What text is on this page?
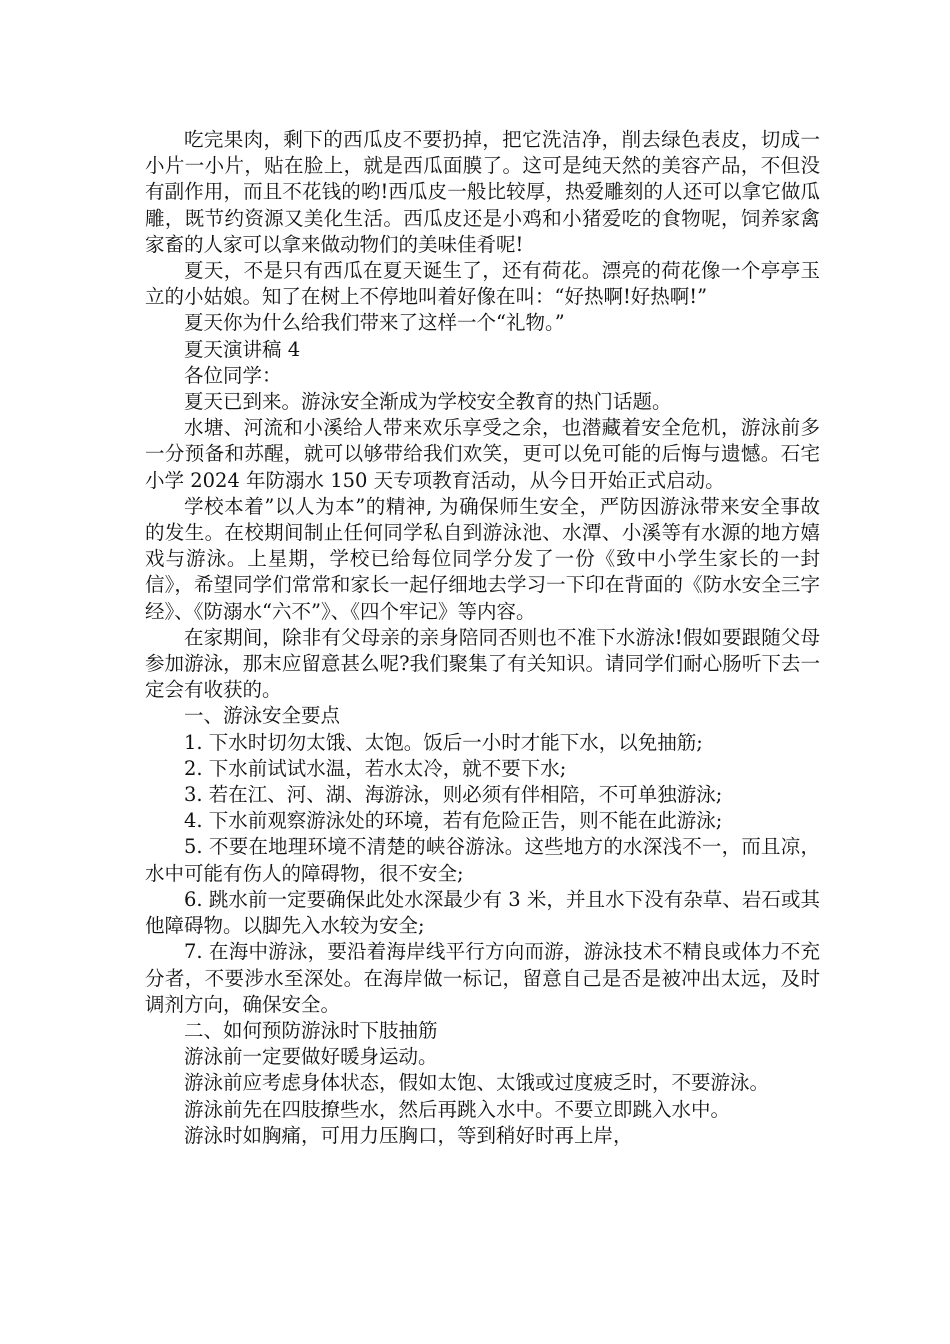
吃完果肉，剩下的西瓜皮不要扔掉，把它洗洁净，削去绿色表皮，切成一小片一小片，贴在脸上，就是西瓜面膜了。这可是纯天然的美容产品，不但没有副作用，而且不花钱的哟!西瓜皮一般比较厚，热爱雕刻的人还可以拿它做瓜雕，既节约资源又美化生活。西瓜皮还是小鸡和小猪爱吃的食物呢，饲养家禽家畜的人家可以拿来做动物们的美味佳肴呢!

夏天，不是只有西瓜在夏天诞生了，还有荷花。漂亮的荷花像一个亭亭玉立的小姑娘。知了在树上不停地叫着好像在叫：“好热啊!好热啊!”

夏天你为什么给我们带来了这样一个“礼物。”

夏天演讲稿 4

各位同学：

夏天已到来。游泳安全渐成为学校安全教育的热门话题。

水塘、河流和小溪给人带来欢乐享受之余，也潜藏着安全危机，游泳前多一分预备和苏醒，就可以够带给我们欢笑，更可以免可能的后悔与遗憾。石宅小学 2024 年防溺水 150 天专项教育活动，从今日开始正式启动。

学校本着”以人为本”的精神, 为确保师生安全，严防因游泳带来安全事故的发生。在校期间制止任何同学私自到游泳池、水潭、小溪等有水源的地方嬉戏与游泳。上星期，学校已给每位同学分发了一份《致中小学生家长的一封信》，希望同学们常常和家长一起仔细地去学习一下印在背面的《防水安全三字经》、《防溺水“六不”》、《四个牢记》等内容。

在家期间，除非有父母亲的亲身陪同否则也不准下水游泳!假如要跟随父母参加游泳，那末应留意甚么呢?我们聚集了有关知识。请同学们耐心肠听下去一定会有收获的。

一、游泳安全要点

1. 下水时切勿太饿、太饱。饭后一小时才能下水，以免抽筋;

2. 下水前试试水温，若水太冷，就不要下水;

3. 若在江、河、湖、海游泳，则必须有伴相陪，不可单独游泳;

4. 下水前观察游泳处的环境，若有危险正告，则不能在此游泳;

5. 不要在地理环境不清楚的峡谷游泳。这些地方的水深浅不一，而且凉，水中可能有伤人的障碍物，很不安全;

6. 跳水前一定要确保此处水深最少有 3 米，并且水下没有杂草、岩石或其他障碍物。以脚先入水较为安全;

7. 在海中游泳，要沿着海岸线平行方向而游，游泳技术不精良或体力不充分者，不要涉水至深处。在海岸做一标记，留意自己是否是被冲出太远，及时调剂方向，确保安全。

二、如何预防游泳时下肢抽筋

游泳前一定要做好暖身运动。

游泳前应考虑身体状态，假如太饱、太饿或过度疲乏时，不要游泳。

游泳前先在四肢撩些水，然后再跳入水中。不要立即跳入水中。

游泳时如胸痛，可用力压胸口，等到稍好时再上岸，
